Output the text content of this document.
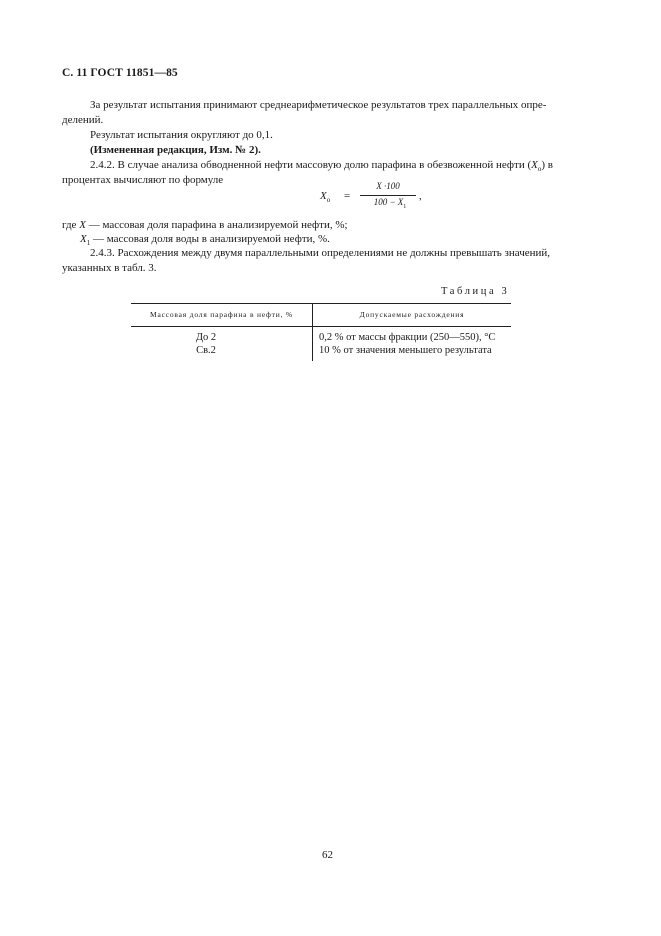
С. 11 ГОСТ 11851—85
За результат испытания принимают среднеарифметическое результатов трех параллельных опре-
делений.
Результат испытания округляют до 0,1.
(Измененная редакция, Изм. № 2).
2.4.2. В случае анализа обводненной нефти массовую долю парафина в обезвоженной нефти $(X_о)$ в
процентах вычисляют по формуле
$X_о$ =
X ·100
$100 - X_1$
,
где X — массовая доля парафина в анализируемой нефти, %;
$X_1$ — массовая доля воды в анализируемой нефти, %.
2.4.3. Расхождения между двумя параллельными определениями не должны превышать значений,
указанных в табл. 3.
Таблица 3
Массовая доля парафина в нефти, %	Допускаемые расхождения
До 2	0,2 % от массы фракции (250—550), °С
Св.2	10 % от значения меньшего результата
62
